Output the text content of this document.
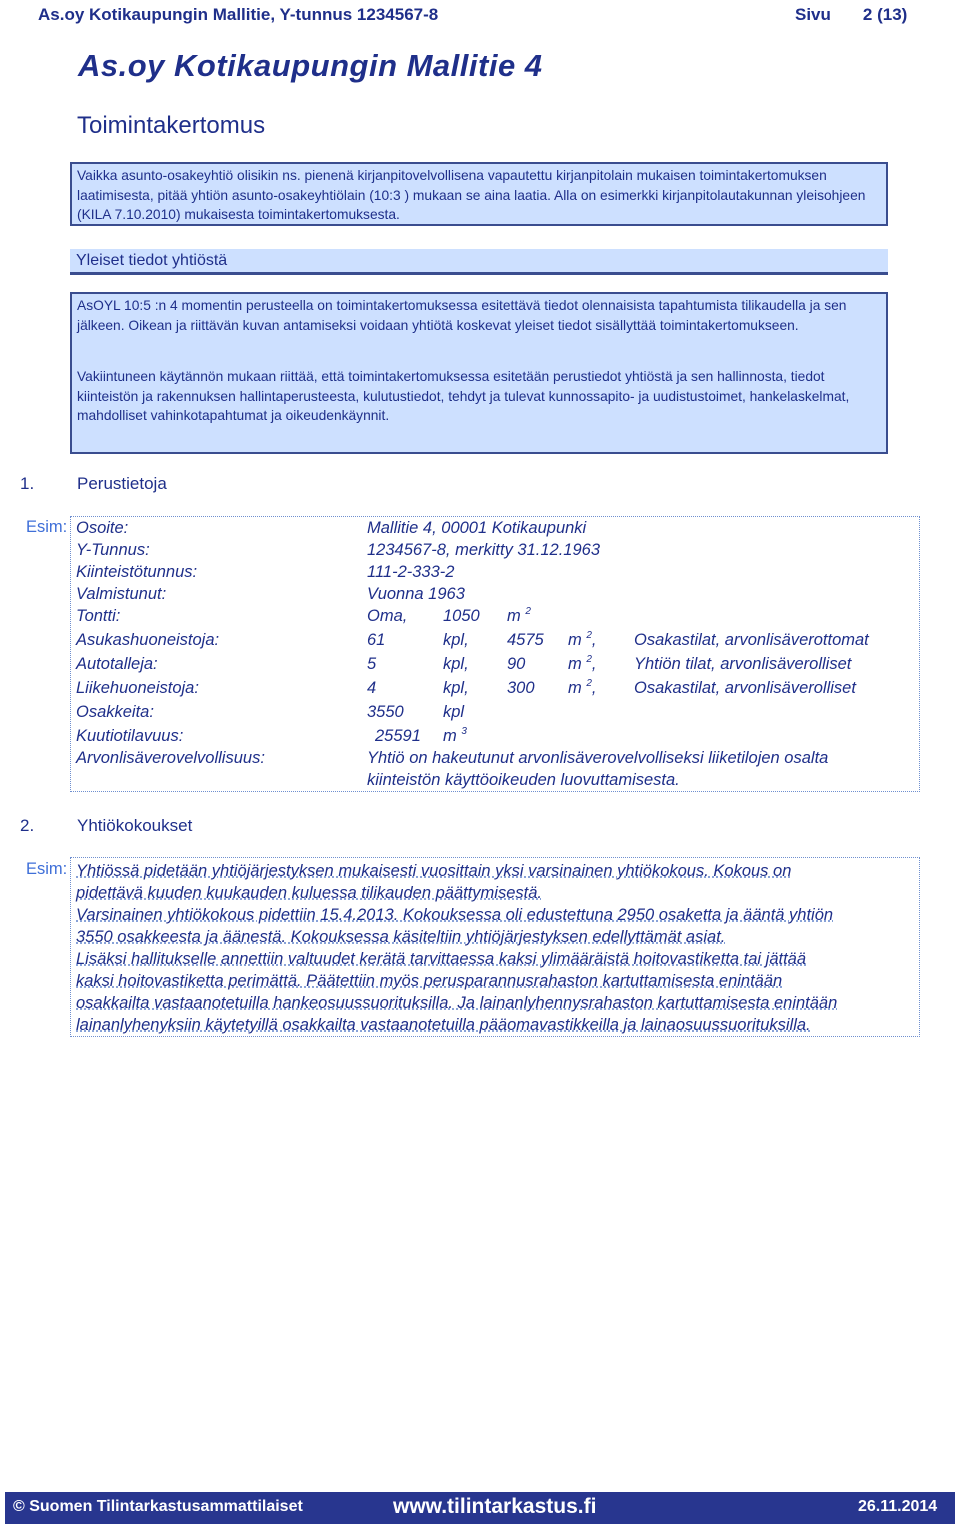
As.oy Kotikaupungin Mallitie, Y-tunnus 1234567-8	Sivu 2 (13)
As.oy Kotikaupungin Mallitie 4
Toimintakertomus

Vaikka asunto-osakeyhtiö olisikin ns. pienenä kirjanpitovelvollisena vapautettu kirjanpitolain mukaisen toimintakertomuksen laatimisesta, pitää yhtiön asunto-osakeyhtiölain (10:3 ) mukaan se aina laatia. Alla on esimerkki kirjanpitolautakunnan yleisohjeen (KILA 7.10.2010) mukaisesta toimintakertomuksesta.

Yleiset tiedot yhtiöstä

AsOYL 10:5 :n 4 momentin perusteella on toimintakertomuksessa esitettävä tiedot olennaisista tapahtumista tilikaudella ja sen jälkeen. Oikean ja riittävän kuvan antamiseksi voidaan yhtiötä koskevat yleiset tiedot sisällyttää toimintakertomukseen.

Vakiintuneen käytännön mukaan riittää, että toimintakertomuksessa esitetään perustiedot yhtiöstä ja sen hallinnosta, tiedot kiinteistön ja rakennuksen hallintaperusteesta, kulutustiedot, tehdyt ja tulevat kunnossapito- ja uudistustoimet, hankelaskelmat, mahdolliset vahinkotapahtumat ja oikeudenkäynnit.

1.	Perustietoja
Esim: Osoite:	Mallitie 4, 00001 Kotikaupunki
Y-Tunnus:	1234567-8, merkitty 31.12.1963
Kiinteistötunnus:	111-2-333-2
Valmistunut:	Vuonna 1963
Tontti:	Oma, 1050 m $^2$
Asukashuoneistoja:	61	kpl, 4575 m $^2$, Osakastilat, arvonlisäverottomat
Autotalleja:	5	kpl, 90	m $^2$, Yhtiön tilat, arvonlisäverolliset
Liikehuoneistoja:	4	kpl, 300 m $^2$, Osakastilat, arvonlisäverolliset
Osakkeita:	3550 kpl
Kuutiotilavuus:	25591 m $^3$
Arvonlisäverovelvollisuus:	Yhtiö on hakeutunut arvonlisäverovelvolliseksi liiketilojen osalta
kiinteistön käyttöoikeuden luovuttamisesta.
2.	Yhtiökokoukset
Esim: Yhtiössä pidetään yhtiöjärjestyksen mukaisesti vuosittain yksi varsinainen yhtiökokous. Kokous on
pidettävä kuuden kuukauden kuluessa tilikauden päättymisestä.
Varsinainen yhtiökokous pidettiin 15.4.2013. Kokouksessa oli edustettuna 2950 osaketta ja ääntä yhtiön
3550 osakkeesta ja äänestä. Kokouksessa käsiteltiin yhtiöjärjestyksen edellyttämät asiat.
Lisäksi hallitukselle annettiin valtuudet kerätä tarvittaessa kaksi ylimääräistä hoitovastiketta tai jättää
kaksi hoitovastiketta perimättä. Päätettiin myös perusparannusrahaston kartuttamisesta enintään
osakkailta vastaanotetuilla hankeosuussuorituksilla. Ja lainanlyhennysrahaston kartuttamisesta enintään
lainanlyhenyksiin käytetyillä osakkailta vastaanotetuilla pääomavastikkeilla ja lainaosuussuorituksilla.
© Suomen Tilintarkastusammattilaiset	www.tilintarkastus.fi	26.11.2014
